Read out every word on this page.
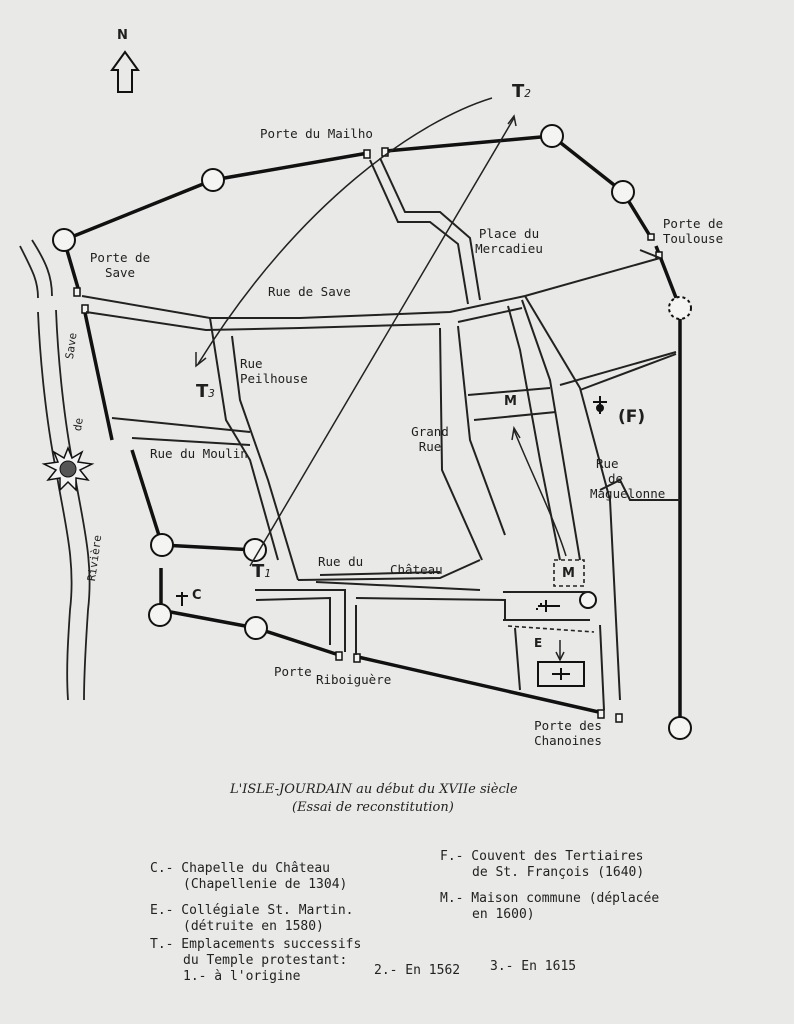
Porte du Mailho
Porte de
Save
Porte de
Toulouse
Place du
Mercadieu
Rue de Save
Rue
Peilhouse
Grand
Rue
Rue du Moulin
Rue
de
Maguelonne
Rue du
Château
Porte
Riboiguère
Porte des
Chanoines
Save
de
Rivière
T2
T3
T1
M
M
(F)
C
E
L'ISLE-JOURDAIN au début du XVIIe siècle
(Essai de reconstitution)
C.- Chapelle du Château
(Chapellenie de 1304)
E.- Collégiale St. Martin.
(détruite en 1580)
T.- Emplacements successifs
du Temple protestant:
1.- à l'origine	2.- En 1562 3.- En 1615
F.- Couvent des Tertiaires
de St. François (1640)
M.- Maison commune (déplacée
en 1600)
N
